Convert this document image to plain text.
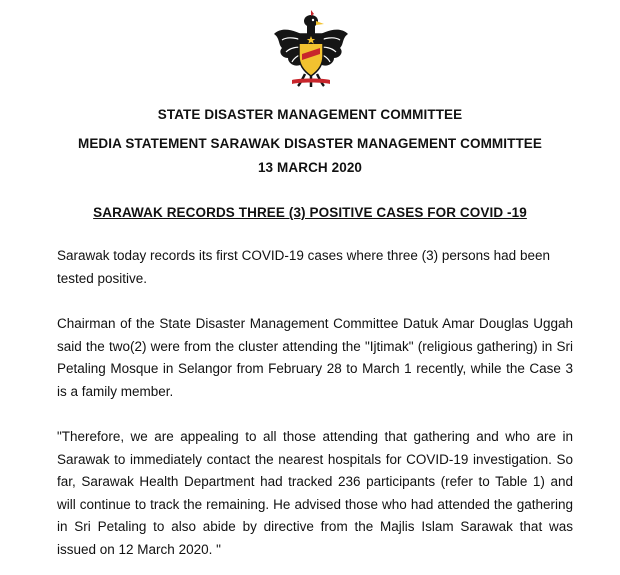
STATE DISASTER MANAGEMENT COMMITTEE
MEDIA STATEMENT SARAWAK DISASTER MANAGEMENT COMMITTEE
13 MARCH 2020
SARAWAK RECORDS THREE (3) POSITIVE CASES FOR COVID -19

Sarawak today records its first COVID-19 cases where three (3) persons had been tested positive.

Chairman of the State Disaster Management Committee Datuk Amar Douglas Uggah said the two(2) were from the cluster attending the "Ijtimak" (religious gathering) in Sri Petaling Mosque in Selangor from February 28 to March 1 recently, while the Case 3 is a family member.

"Therefore, we are appealing to all those attending that gathering and who are in Sarawak to immediately contact the nearest hospitals for COVID-19 investigation. So far, Sarawak Health Department had tracked 236 participants (refer to Table 1) and will continue to track the remaining. He advised those who had attended the gathering in Sri Petaling to also abide by directive from the Majlis Islam Sarawak that was issued on 12 March 2020. "
